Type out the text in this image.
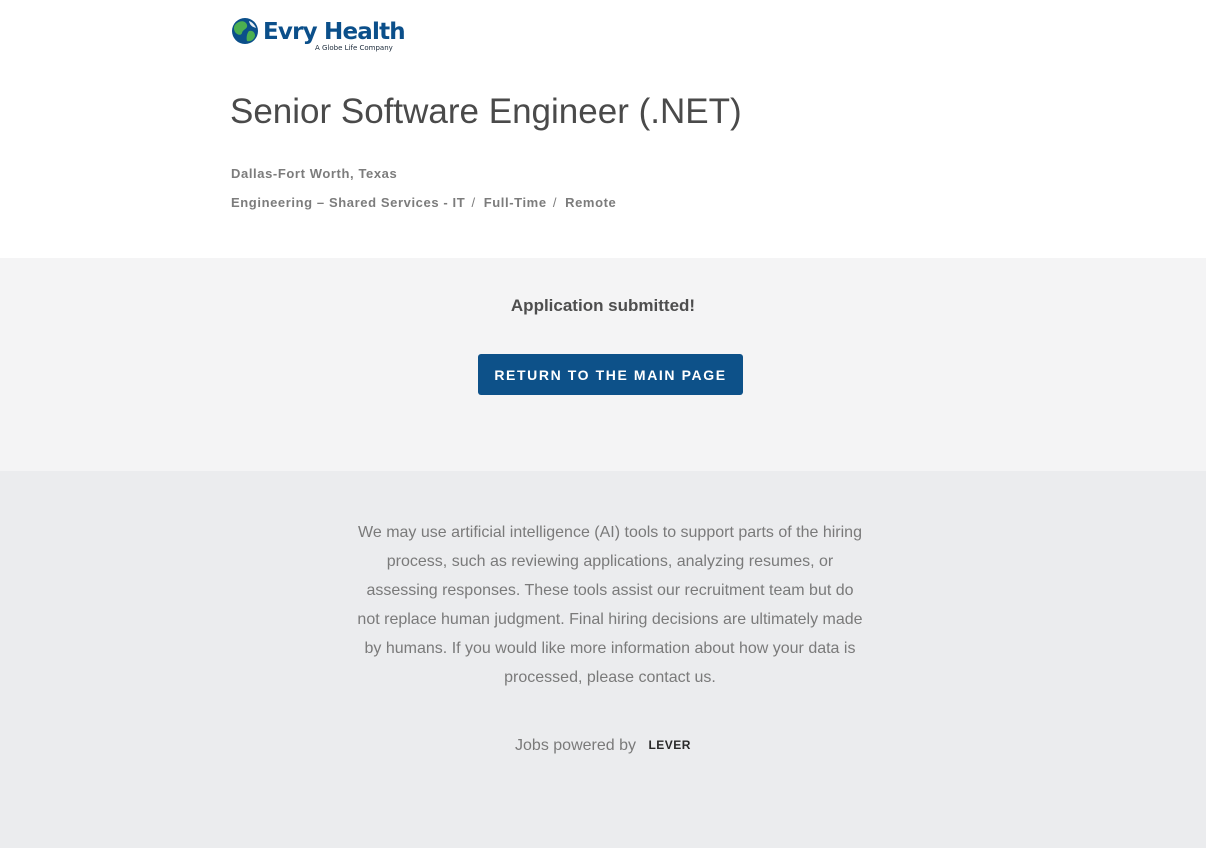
Evry Health
A Globe Life Company
Senior Software Engineer (.NET)
Dallas-Fort Worth, Texas
Engineering – Shared Services - IT / Full-Time / Remote
Application submitted!
RETURN TO THE MAIN PAGE

We may use artificial intelligence (AI) tools to support parts of the hiring process, such as reviewing applications, analyzing resumes, or assessing responses. These tools assist our recruitment team but do not replace human judgment. Final hiring decisions are ultimately made by humans. If you would like more information about how your data is processed, please contact us.

Jobs powered by LEVER
